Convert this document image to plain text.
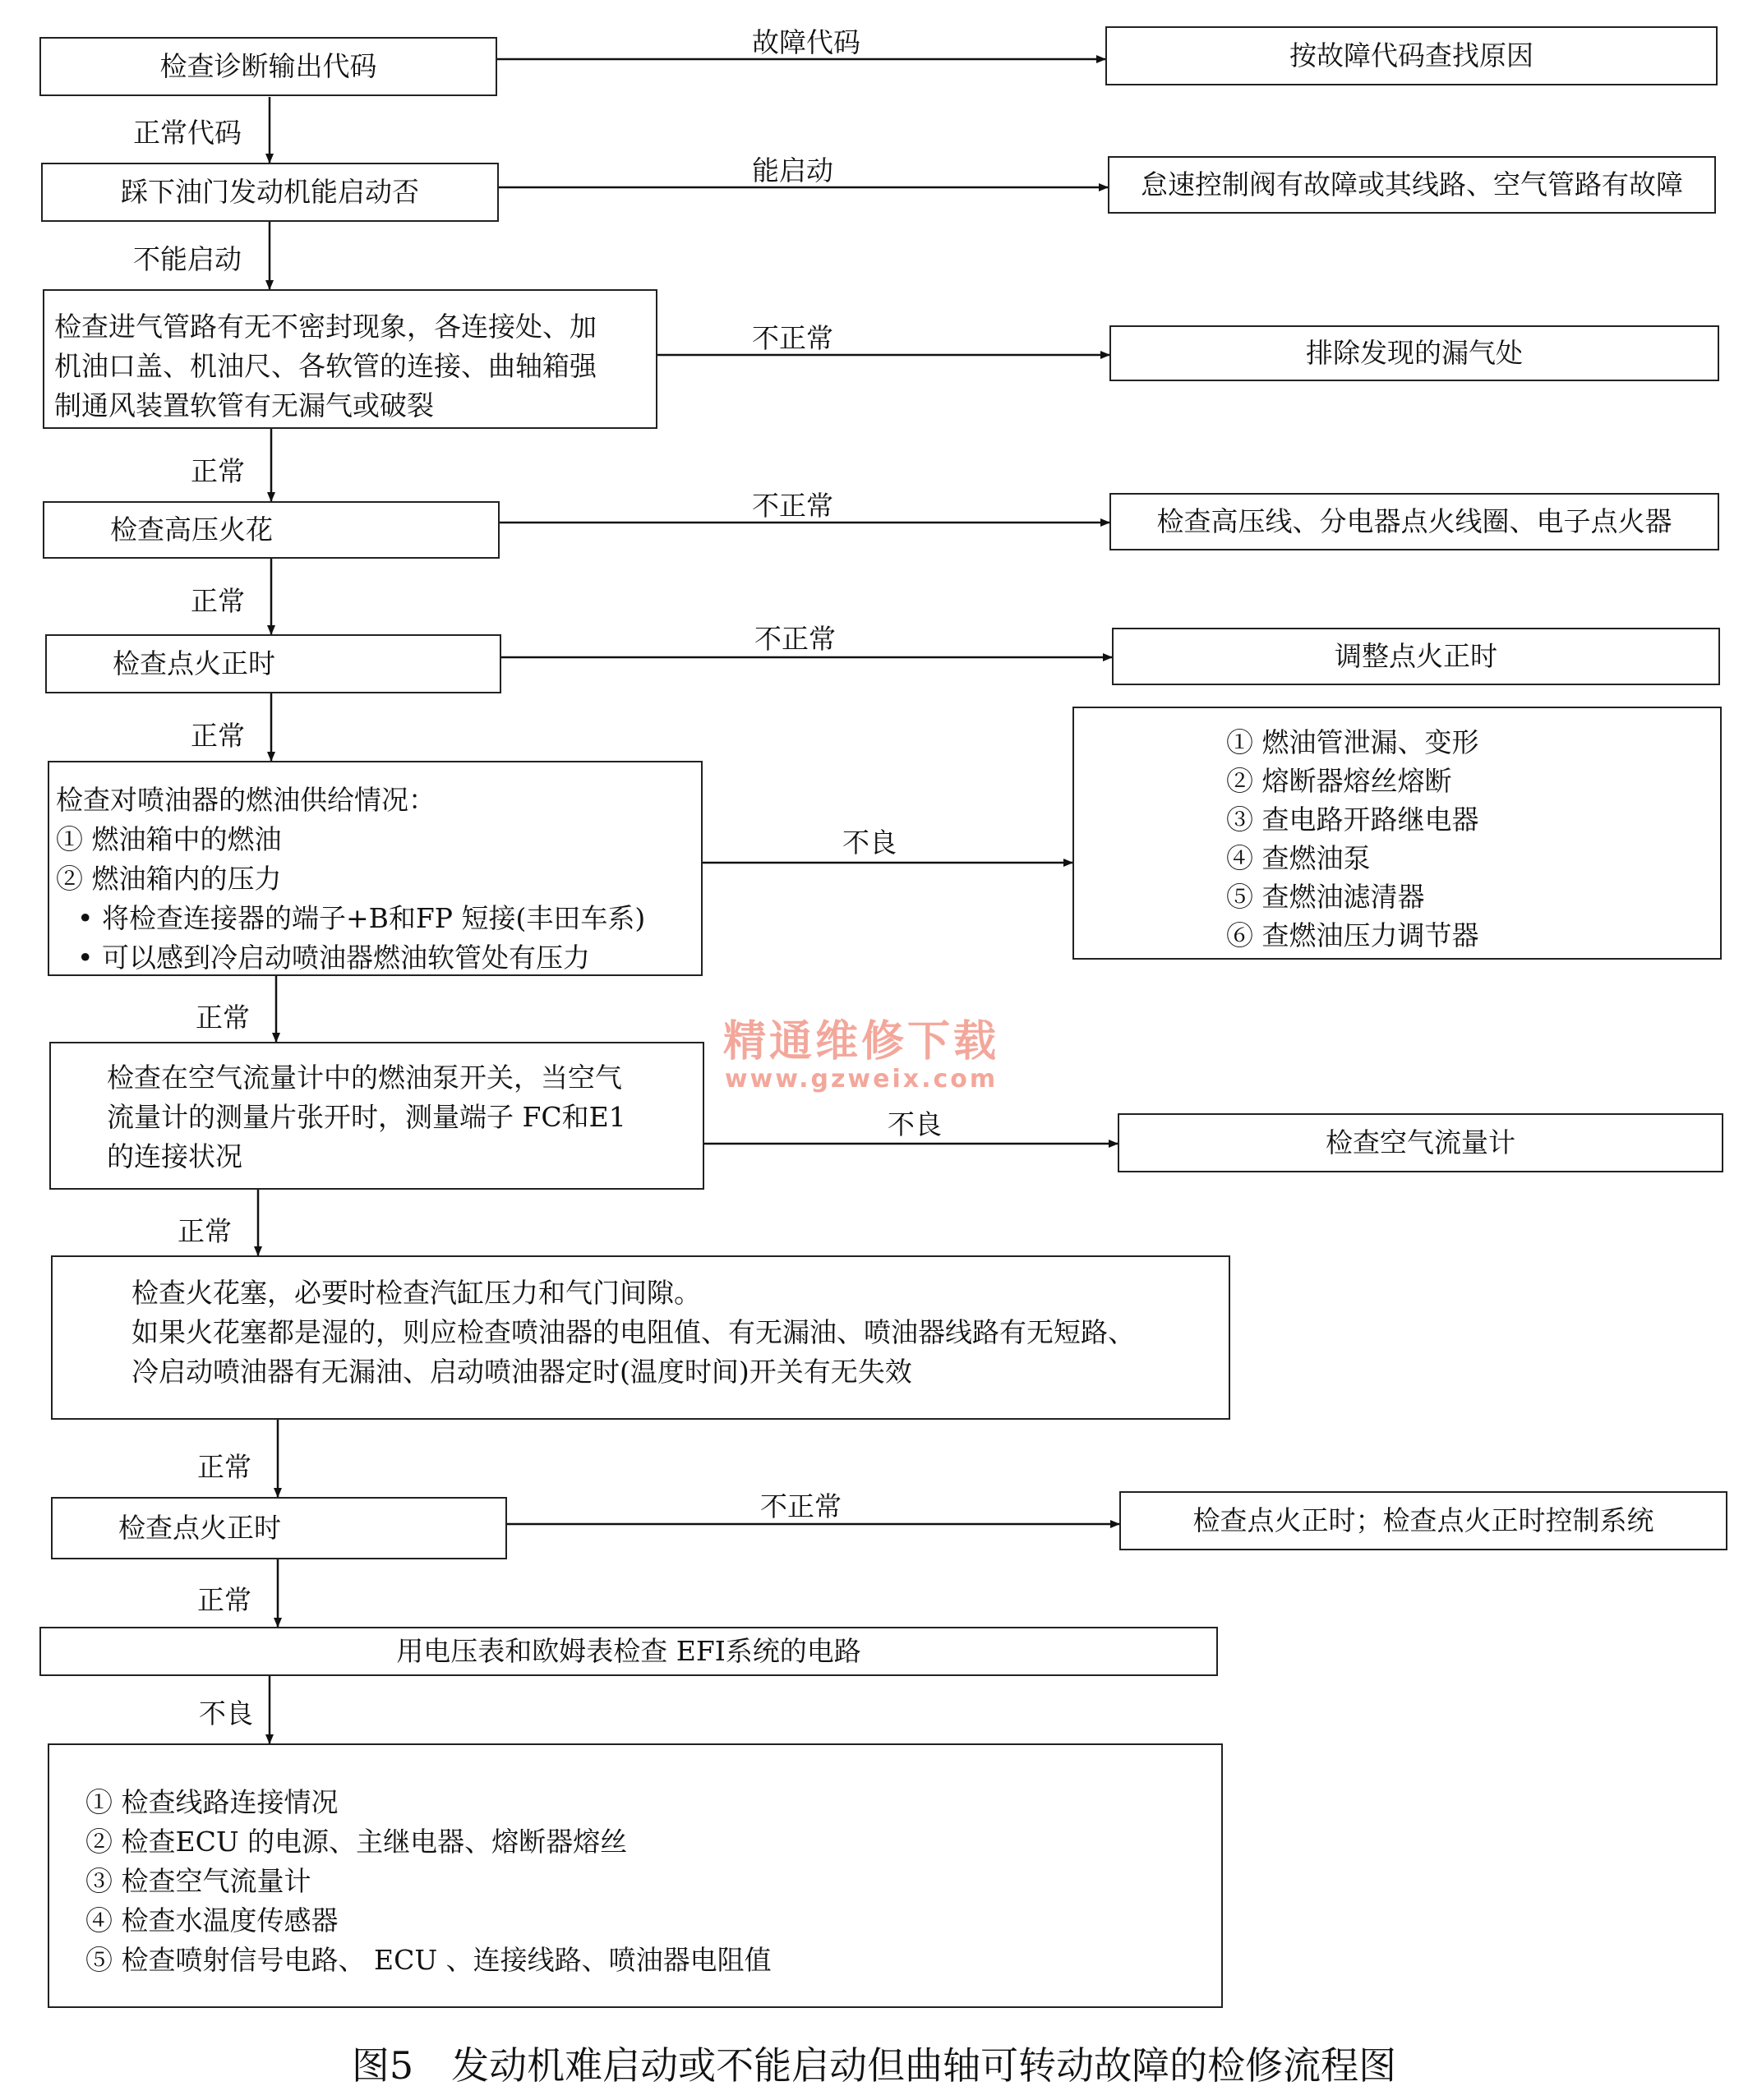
检查诊断输出代码
踩下油门发动机能启动否

检查进气管路有无不密封现象，各连接处、加

机油口盖、机油尺、各软管的连接、曲轴箱强

制通风装置软管有无漏气或破裂

检查高压火花
检查点火正时

检查对喷油器的燃油供给情况：

① 燃油箱中的燃油

② 燃油箱内的压力

• 将检查连接器的端子+B和FP 短接(丰田车系)

• 可以感到冷启动喷油器燃油软管处有压力

检查在空气流量计中的燃油泵开关，当空气

流量计的测量片张开时，测量端子 FC和E1

的连接状况

检查火花塞，必要时检查汽缸压力和气门间隙。

如果火花塞都是湿的，则应检查喷油器的电阻值、有无漏油、喷油器线路有无短路、

冷启动喷油器有无漏油、启动喷油器定时(温度时间)开关有无失效

检查点火正时
用电压表和欧姆表检查 EFI系统的电路

① 检查线路连接情况

② 检查ECU 的电源、主继电器、熔断器熔丝

③ 检查空气流量计

④ 检查水温度传感器

⑤ 检查喷射信号电路、 ECU 、连接线路、喷油器电阻值

按故障代码查找原因
怠速控制阀有故障或其线路、空气管路有故障
排除发现的漏气处
检查高压线、分电器点火线圈、电子点火器
调整点火正时

① 燃油管泄漏、变形

② 熔断器熔丝熔断

③ 查电路开路继电器

④ 查燃油泵

⑤ 查燃油滤清器

⑥ 查燃油压力调节器

检查空气流量计
检查点火正时；检查点火正时控制系统
故障代码
能启动
不正常
不正常
不正常
不良
不良
不正常
正常代码
不能启动
正常
正常
正常
正常
正常
正常
正常
不良
精通维修下载
www.gzweix.com
图5　发动机难启动或不能启动但曲轴可转动故障的检修流程图
